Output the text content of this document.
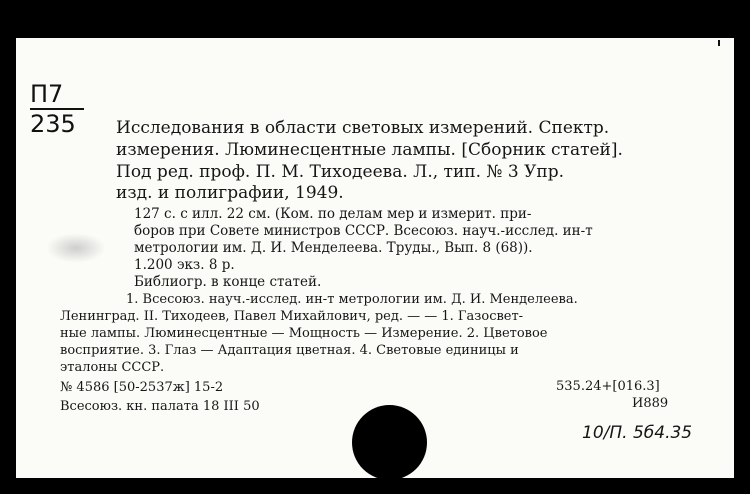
П7
235	Исследования в области световых измерений. Спектр.
измерения. Люминесцентные лампы. [Сборник статей].
Под ред. проф. П. М. Тиходеева. Л., тип. № 3 Упр.
изд. и полиграфии, 1949.
127 с. с илл. 22 см. (Ком. по делам мер и измерит. при-
боров при Совете министров СССР. Всесоюз. науч.-исслед. ин-т
метрологии им. Д. И. Менделеева. Труды., Вып. 8 (68)).
1.200 экз. 8 р.
Библиогр. в конце статей.
1. Всесоюз. науч.-исслед. ин-т метрологии им. Д. И. Менделеева.
Ленинград. II. Тиходеев, Павел Михайлович, ред. — — 1. Газосвет-
ные лампы. Люминесцентные — Мощность — Измерение. 2. Цветовое
восприятие. 3. Глаз — Адаптация цветная. 4. Световые единицы и
эталоны СССР.
№ 4586 [50-2537ж] 15-2
Всесоюз. кн. палата 18 III 50
535.24+[016.3]
И889
10/П. 5б4.35
